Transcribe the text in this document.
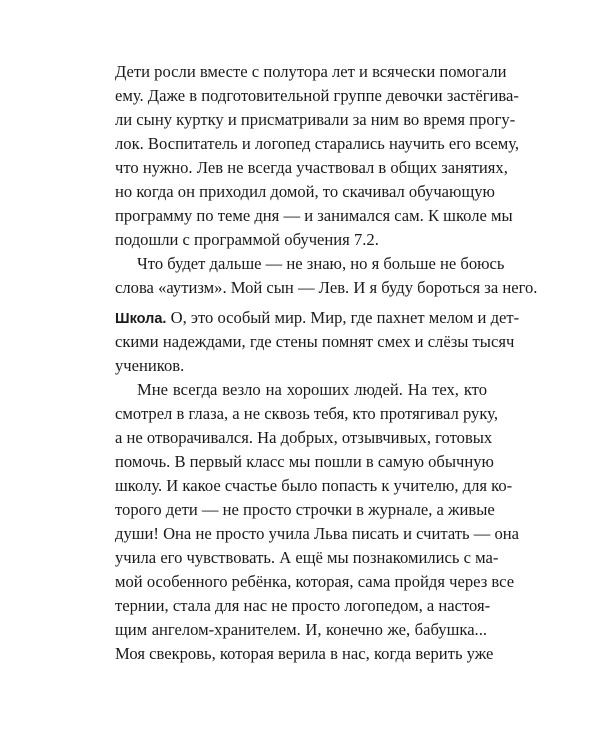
Дети росли вместе с полутора лет и всячески помогали
ему. Даже в подготовительной группе девочки застёгива-
ли сыну куртку и присматривали за ним во время прогу-
лок. Воспитатель и логопед старались научить его всему,
что нужно. Лев не всегда участвовал в общих занятиях,
но когда он приходил домой, то скачивал обучающую
программу по теме дня — и занимался сам. К школе мы
подошли с программой обучения 7.2.
Что будет дальше — не знаю, но я больше не боюсь
слова «аутизм». Мой сын — Лев. И я буду бороться за него.
Школа. О, это особый мир. Мир, где пахнет мелом и дет-
скими надеждами, где стены помнят смех и слёзы тысяч
учеников.
Мне всегда везло на хороших людей. На тех, кто
смотрел в глаза, а не сквозь тебя, кто протягивал руку,
а не отворачивался. На добрых, отзывчивых, готовых
помочь. В первый класс мы пошли в самую обычную
школу. И какое счастье было попасть к учителю, для ко-
торого дети — не просто строчки в журнале, а живые
души! Она не просто учила Льва писать и считать — она
учила его чувствовать. А ещё мы познакомились с ма-
мой особенного ребёнка, которая, сама пройдя через все
тернии, стала для нас не просто логопедом, а настоя-
щим ангелом-хранителем. И, конечно же, бабушка...
Моя свекровь, которая верила в нас, когда верить уже
